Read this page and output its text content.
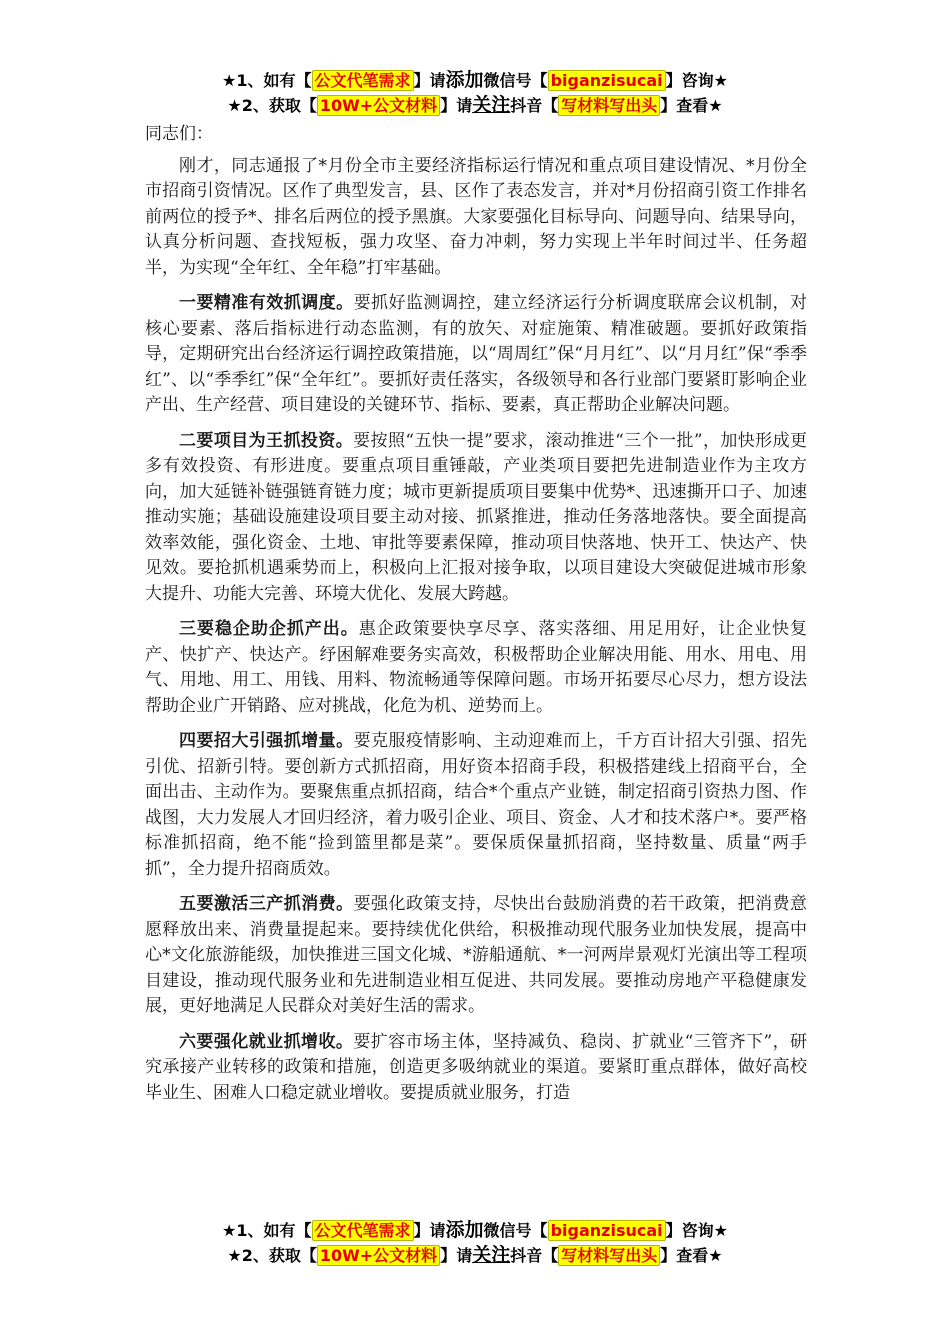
★1、如有【 公文代笔需求 】请添加微信号【 biganzisucai 】咨询★
★2、获取【 10W+公文材料 】请关注抖音【 写材料写出头 】查看★

同志们：

刚才，同志通报了*月份全市主要经济指标运行情况和重点项目建设情况、*月份全市招商引资情况。区作了典型发言，县、区作了表态发言，并对*月份招商引资工作排名前两位的授予*、排名后两位的授予黑旗。大家要强化目标导向、问题导向、结果导向，认真分析问题、查找短板，强力攻坚、奋力冲刺，努力实现上半年时间过半、任务超半，为实现“全年红、全年稳”打牢基础。

一要精准有效抓调度。要抓好监测调控，建立经济运行分析调度联席会议机制，对核心要素、落后指标进行动态监测，有的放矢、对症施策、精准破题。要抓好政策指导，定期研究出台经济运行调控政策措施，以“周周红”保“月月红”、以“月月红”保“季季红”、以“季季红”保“全年红”。要抓好责任落实，各级领导和各行业部门要紧盯影响企业产出、生产经营、项目建设的关键环节、指标、要素，真正帮助企业解决问题。

二要项目为王抓投资。要按照“五快一提”要求，滚动推进“三个一批”，加快形成更多有效投资、有形进度。要重点项目重锤敲，产业类项目要把先进制造业作为主攻方向，加大延链补链强链育链力度；城市更新提质项目要集中优势*、迅速撕开口子、加速推动实施；基础设施建设项目要主动对接、抓紧推进，推动任务落地落快。要全面提高效率效能，强化资金、土地、审批等要素保障，推动项目快落地、快开工、快达产、快见效。要抢抓机遇乘势而上，积极向上汇报对接争取，以项目建设大突破促进城市形象大提升、功能大完善、环境大优化、发展大跨越。

三要稳企助企抓产出。惠企政策要快享尽享、落实落细、用足用好，让企业快复产、快扩产、快达产。纾困解难要务实高效，积极帮助企业解决用能、用水、用电、用气、用地、用工、用钱、用料、物流畅通等保障问题。市场开拓要尽心尽力，想方设法帮助企业广开销路、应对挑战，化危为机、逆势而上。

四要招大引强抓增量。要克服疫情影响、主动迎难而上，千方百计招大引强、招先引优、招新引特。要创新方式抓招商，用好资本招商手段，积极搭建线上招商平台，全面出击、主动作为。要聚焦重点抓招商，结合*个重点产业链，制定招商引资热力图、作战图，大力发展人才回归经济，着力吸引企业、项目、资金、人才和技术落户*。要严格标准抓招商，绝不能“捡到篮里都是菜”。要保质保量抓招商，坚持数量、质量“两手抓”，全力提升招商质效。

五要激活三产抓消费。要强化政策支持，尽快出台鼓励消费的若干政策，把消费意愿释放出来、消费量提起来。要持续优化供给，积极推动现代服务业加快发展，提高中心*文化旅游能级，加快推进三国文化城、*游船通航、*一河两岸景观灯光演出等工程项目建设，推动现代服务业和先进制造业相互促进、共同发展。要推动房地产平稳健康发展，更好地满足人民群众对美好生活的需求。

六要强化就业抓增收。要扩容市场主体，坚持减负、稳岗、扩就业“三管齐下”，研究承接产业转移的政策和措施，创造更多吸纳就业的渠道。要紧盯重点群体，做好高校毕业生、困难人口稳定就业增收。要提质就业服务，打造

★1、如有【 公文代笔需求 】请添加微信号【 biganzisucai 】咨询★
★2、获取【 10W+公文材料 】请关注抖音【 写材料写出头 】查看★
